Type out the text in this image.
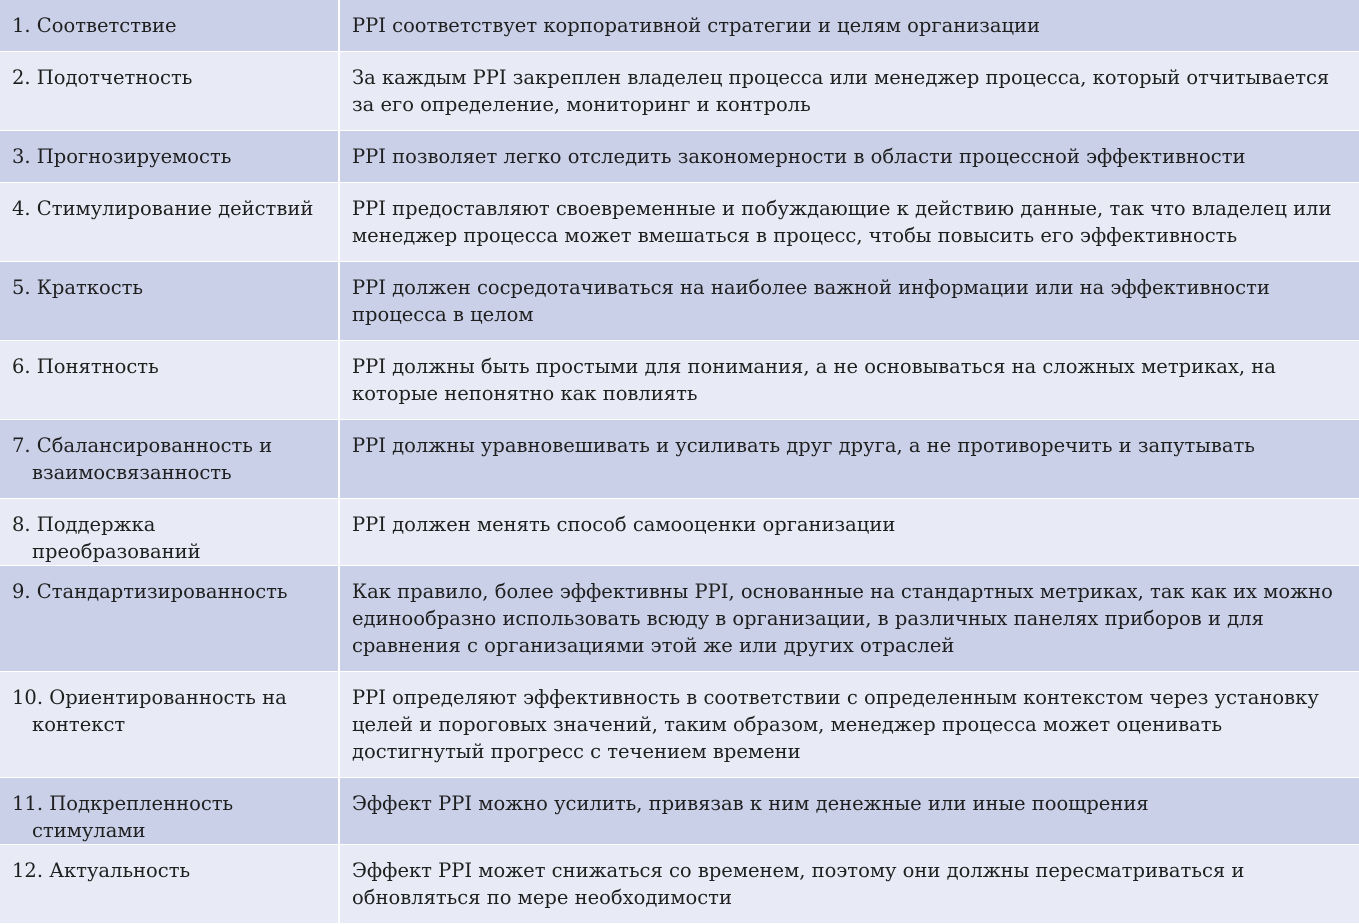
1. Соответствие	PPI соответствует корпоративной стратегии и целям организации

2. Подотчетность	За каждым PPI закреплен владелец процесса или менеджер процесса, который отчитывается за его определение, мониторинг и контроль

3. Прогнозируемость	PPI позволяет легко отследить закономерности в области процессной эффективности

4. Стимулирование действий	PPI предоставляют своевременные и побуждающие к действию данные, так что владелец или менеджер процесса может вмешаться в процесс, чтобы повысить его эффективность

5. Краткость	PPI должен сосредотачиваться на наиболее важной информации или на эффективности процесса в целом

6. Понятность	PPI должны быть простыми для понимания, а не основываться на сложных метриках, на которые непонятно как повлиять

7. Сбалансированность и взаимосвязанность	PPI должны уравновешивать и усиливать друг друга, а не противоречить и запутывать

8. Поддержка преобразований	PPI должен менять способ самооценки организации

9. Стандартизированность	Как правило, более эффективны PPI, основанные на стандартных метриках, так как их можно единообразно использовать всюду в организации, в различных панелях приборов и для сравнения с организациями этой же или других отраслей

10. Ориентированность на контекст	PPI определяют эффективность в соответствии с определенным контекстом через установку целей и пороговых значений, таким образом, менеджер процесса может оценивать достигнутый прогресс с течением времени

11. Подкрепленность стимулами	Эффект PPI можно усилить, привязав к ним денежные или иные поощрения

12. Актуальность	Эффект PPI может снижаться со временем, поэтому они должны пересматриваться и обновляться по мере необходимости
